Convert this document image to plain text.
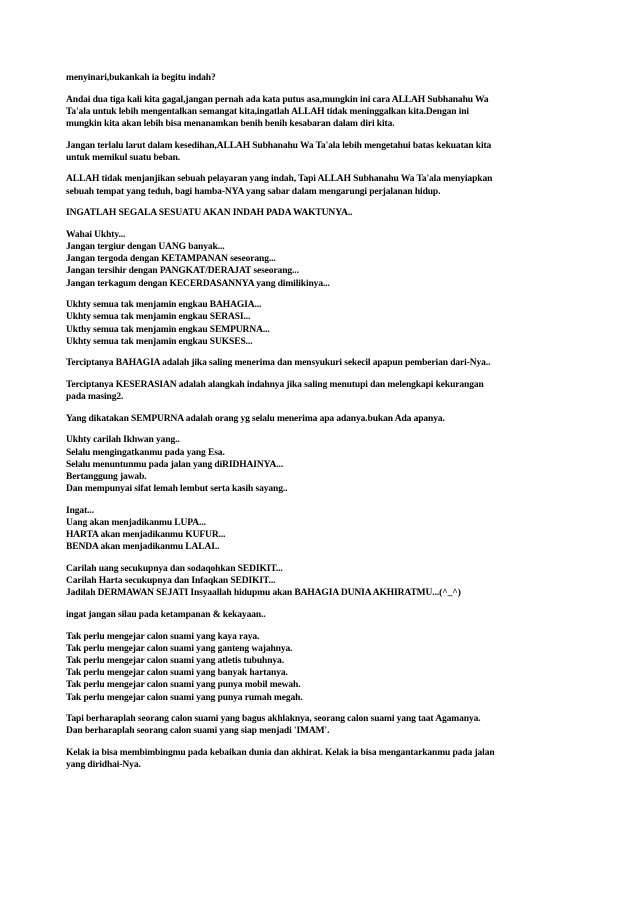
menyinari,bukankah ia begitu indah?

Andai dua tiga kali kita gagal,jangan pernah ada kata putus asa,mungkin ini cara ALLAH Subhanahu Wa
Ta'ala untuk lebih mengentalkan semangat kita,ingatlah ALLAH tidak meninggalkan kita.Dengan ini
mungkin kita akan lebih bisa menanamkan benih benih kesabaran dalam diri kita.

Jangan terlalu larut dalam kesedihan,ALLAH Subhanahu Wa Ta'ala lebih mengetahui batas kekuatan kita
untuk memikul suatu beban.

ALLAH tidak menjanjikan sebuah pelayaran yang indah, Tapi ALLAH Subhanahu Wa Ta'ala menyiapkan
sebuah tempat yang teduh, bagi hamba-NYA yang sabar dalam mengarungi perjalanan hidup.

INGATLAH SEGALA SESUATU AKAN INDAH PADA WAKTUNYA..

Wahai Ukhty...
Jangan tergiur dengan UANG banyak...
Jangan tergoda dengan KETAMPANAN seseorang...
Jangan tersihir dengan PANGKAT/DERAJAT seseorang...
Jangan terkagum dengan KECERDASANNYA yang dimilikinya...

Ukhty semua tak menjamin engkau BAHAGIA...
Ukhty semua tak menjamin engkau SERASI...
Ukthy semua tak menjamin engkau SEMPURNA...
Ukhty semua tak menjamin engkau SUKSES...

Terciptanya BAHAGIA adalah jika saling menerima dan mensyukuri sekecil apapun pemberian dari-Nya..

Terciptanya KESERASIAN adalah alangkah indahnya jika saling menutupi dan melengkapi kekurangan
pada masing2.

Yang dikatakan SEMPURNA adalah orang yg selalu menerima apa adanya.bukan Ada apanya.

Ukhty carilah Ikhwan yang..
Selalu mengingatkanmu pada yang Esa.
Selalu menuntunmu pada jalan yang diRIDHAINYA...
Bertanggung jawab.
Dan mempunyai sifat lemah lembut serta kasih sayang..

Ingat...
Uang akan menjadikanmu LUPA...
HARTA akan menjadikanmu KUFUR...
BENDA akan menjadikanmu LALAI..

Carilah uang secukupnya dan sodaqohkan SEDIKIT...
Carilah Harta secukupnya dan Infaqkan SEDIKIT...
Jadilah DERMAWAN SEJATI Insyaallah hidupmu akan BAHAGIA DUNIA AKHIRATMU...(^_^)

ingat jangan silau pada ketampanan & kekayaan..

Tak perlu mengejar calon suami yang kaya raya.
Tak perlu mengejar calon suami yang ganteng wajahnya.
Tak perlu mengejar calon suami yang atletis tubuhnya.
Tak perlu mengejar calon suami yang banyak hartanya.
Tak perlu mengejar calon suami yang punya mobil mewah.
Tak perlu mengejar calon suami yang punya rumah megah.

Tapi berharaplah seorang calon suami yang bagus akhlaknya, seorang calon suami yang taat Agamanya.
Dan berharaplah seorang calon suami yang siap menjadi 'IMAM'.

Kelak ia bisa membimbingmu pada kebaikan dunia dan akhirat. Kelak ia bisa mengantarkanmu pada jalan
yang diridhai-Nya.
